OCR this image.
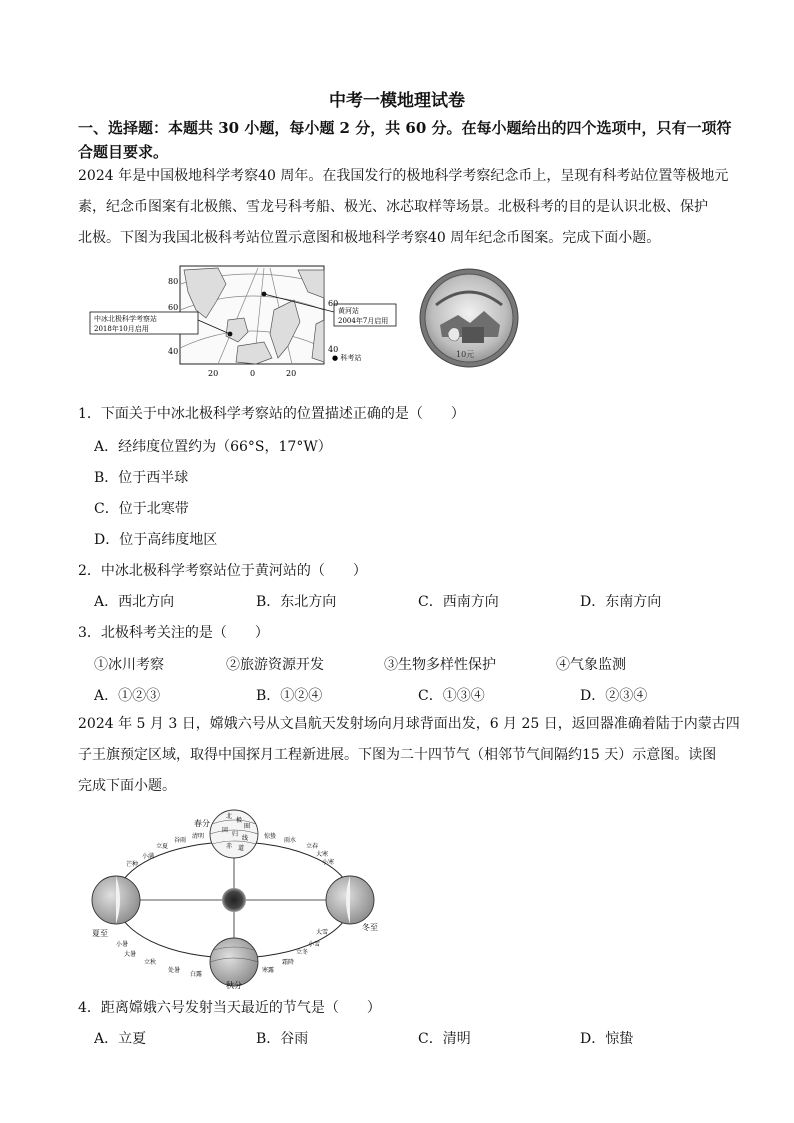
中考一模地理试卷
一、选择题：本题共 30 小题，每小题 2 分，共 60 分。在每小题给出的四个选项中，只有一项符
合题目要求。
2024 年是中国极地科学考察40 周年。在我国发行的极地科学考察纪念币上，呈现有科考站位置等极地元
素，纪念币图案有北极熊、雪龙号科考船、极光、冰芯取样等场景。北极科考的目的是认识北极、保护
北极。下图为我国北极科考站位置示意图和极地科学考察40 周年纪念币图案。完成下面小题。
中冰北极科学考察站
2018年10月启用
黄河站
2004年7月启用
80
60
40
60
40
20	0	20
● 科考站	10元
1．下面关于中冰北极科学考察站的位置描述正确的是（　　）
A．经纬度位置约为（66°S，17°W）
B．位于西半球
C．位于北寒带
D．位于高纬度地区
2．中冰北极科学考察站位于黄河站的（　　）
A．西北方向	B．东北方向	C．西南方向	D．东南方向
3．北极科考关注的是（　　）
①冰川考察	②旅游资源开发	③生物多样性保护	④气象监测
A．①②③	B．①②④	C．①③④	D．②③④
2024 年 5 月 3 日，嫦娥六号从文昌航天发射场向月球背面出发，6 月 25 日，返回器准确着陆于内蒙古四
子王旗预定区域，取得中国探月工程新进展。下图为二十四节气（相邻节气间隔约15 天）示意图。读图
完成下面小题。
北
极
圈
回
归
线
赤 道
春分
夏至
秋分
冬至
立夏
谷雨
清明
小满
芒种
小暑
大暑
立秋
处暑
白露
寒露
霜降
立冬
小雪
大雪
惊蛰
雨水
立春
大寒
小寒
4．距离嫦娥六号发射当天最近的节气是（　　）
A．立夏	B．谷雨	C．清明	D．惊蛰
